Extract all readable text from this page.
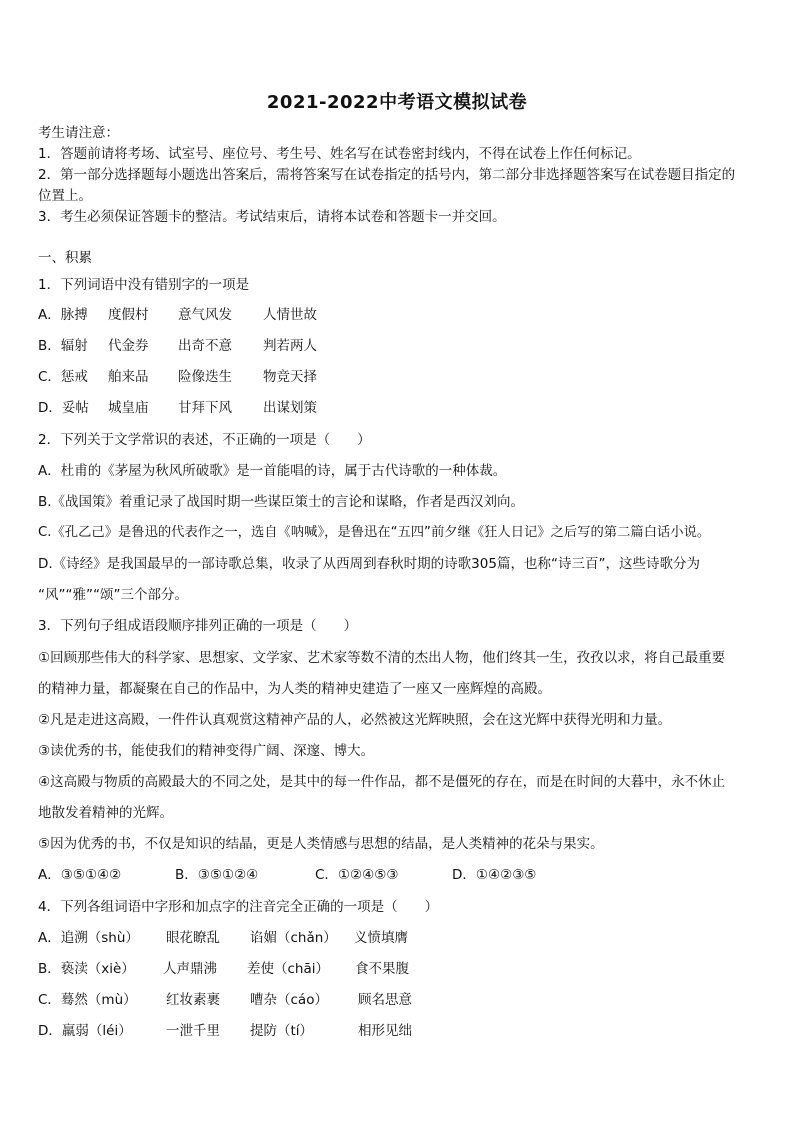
2021-2022中考语文模拟试卷
考生请注意：
1．答题前请将考场、试室号、座位号、考生号、姓名写在试卷密封线内，不得在试卷上作任何标记。
2．第一部分选择题每小题选出答案后，需将答案写在试卷指定的括号内，第二部分非选择题答案写在试卷题目指定的
位置上。
3．考生必须保证答题卡的整洁。考试结束后，请将本试卷和答题卡一并交回。
一、积累
1．下列词语中没有错别字的一项是
A．脉搏 度假村 意气风发 人情世故
B．辐射 代金券 出奇不意 判若两人
C．惩戒 舶来品 险像迭生 物竞天择
D．妥帖 城皇庙 甘拜下风 出谋划策
2．下列关于文学常识的表述，不正确的一项是（　　）
A．杜甫的《茅屋为秋风所破歌》是一首能唱的诗，属于古代诗歌的一种体裁。
B.《战国策》着重记录了战国时期一些谋臣策士的言论和谋略，作者是西汉刘向。
C.《孔乙己》是鲁迅的代表作之一，选自《呐喊》，是鲁迅在“五四”前夕继《狂人日记》之后写的第二篇白话小说。
D.《诗经》是我国最早的一部诗歌总集，收录了从西周到春秋时期的诗歌305篇，也称“诗三百”，这些诗歌分为
“风”“雅”“颂”三个部分。
3．下列句子组成语段顺序排列正确的一项是（　　）
①回顾那些伟大的科学家、思想家、文学家、艺术家等数不清的杰出人物，他们终其一生，孜孜以求，将自己最重要
的精神力量，都凝聚在自己的作品中，为人类的精神史建造了一座又一座辉煌的高殿。
②凡是走进这高殿，一件件认真观赏这精神产品的人，必然被这光辉映照，会在这光辉中获得光明和力量。
③读优秀的书，能使我们的精神变得广阔、深邃、博大。
④这高殿与物质的高殿最大的不同之处，是其中的每一件作品，都不是僵死的存在，而是在时间的大暮中，永不休止
地散发着精神的光辉。
⑤因为优秀的书，不仅是知识的结晶，更是人类情感与思想的结晶，是人类精神的花朵与果实。
A．③⑤①④②	B．③⑤①②④	C．①②④⑤③	D．①④②③⑤
4．下列各组词语中字形和加点字的注音完全正确的一项是（　　）
A．追溯（shù） 眼花瞭乱 谄媚（chǎn） 义愤填膺
B．亵渎（xiè） 人声鼎沸 差使（chāi） 食不果腹
C．蓦然（mù） 红妆素裹 嘈杂（cáo） 顾名思意
D．羸弱（léi）	一泄千里 提防（tí）	相形见绌
